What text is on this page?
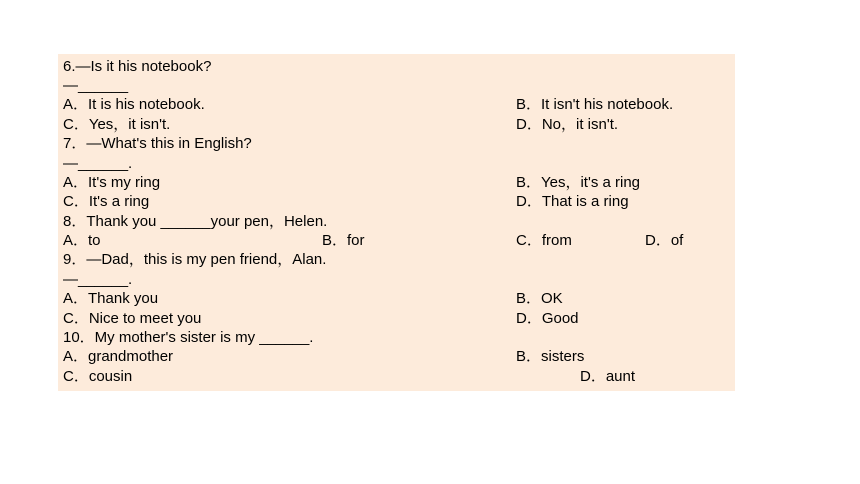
6.—Is it his notebook?
—______
A．It is his notebook.	B．It isn't his notebook.
C．Yes，it isn't.	D．No，it isn't.
7．—What's this in English?
—______.
A．It's my ring	B．Yes，it's a ring
C．It's a ring	D．That is a ring
8．Thank you ______your pen，Helen.
A．to	B．for	C．from	D．of
9．—Dad，this is my pen friend，Alan.
—______.
A．Thank you	B．OK
C．Nice to meet you	D．Good
10．My mother's sister is my ______.
A．grandmother	B．sisters
C．cousin	D．aunt
